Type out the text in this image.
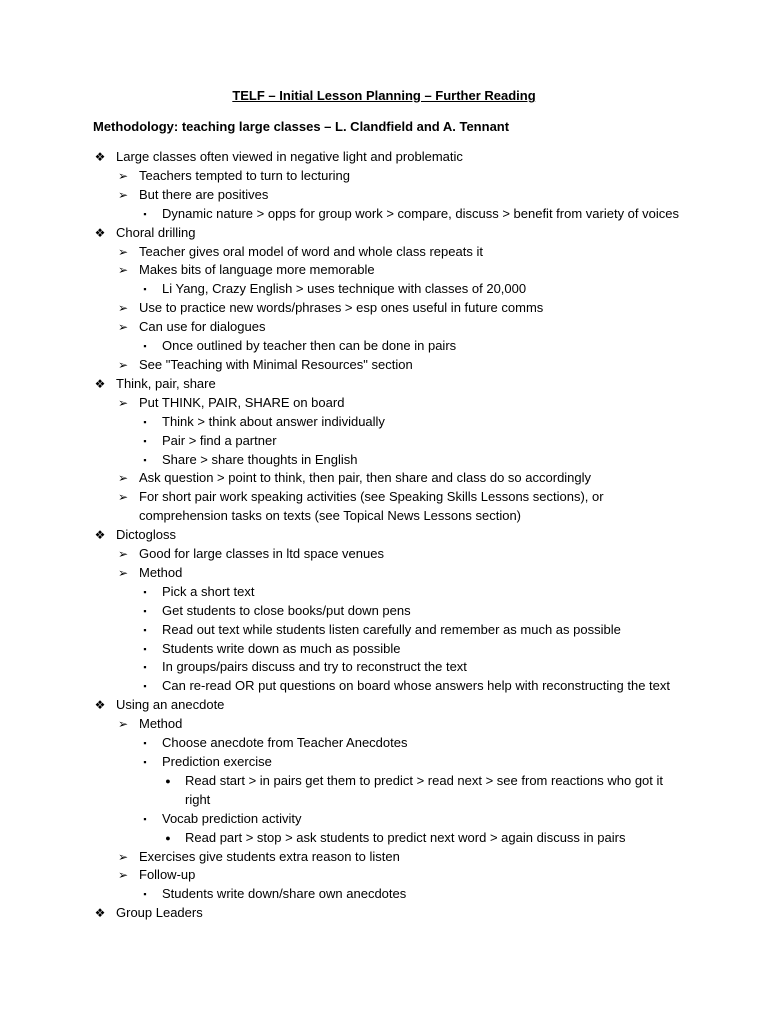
TELF – Initial Lesson Planning – Further Reading
Methodology: teaching large classes – L. Clandfield and A. Tennant
❖ Large classes often viewed in negative light and problematic
➢ Teachers tempted to turn to lecturing
➢ But there are positives
▪	Dynamic nature > opps for group work > compare, discuss > benefit from variety of voices
❖ Choral drilling
➢ Teacher gives oral model of word and whole class repeats it
➢ Makes bits of language more memorable
▪	Li Yang, Crazy English > uses technique with classes of 20,000
➢ Use to practice new words/phrases > esp ones useful in future comms
➢ Can use for dialogues
▪	Once outlined by teacher then can be done in pairs
➢ See "Teaching with Minimal Resources" section
❖ Think, pair, share
➢ Put THINK, PAIR, SHARE on board
▪	Think > think about answer individually
▪	Pair > find a partner
▪	Share > share thoughts in English
➢ Ask question > point to think, then pair, then share and class do so accordingly
➢ For short pair work speaking activities (see Speaking Skills Lessons sections), or comprehension tasks on texts (see Topical News Lessons section)
❖ Dictogloss
➢ Good for large classes in ltd space venues
➢ Method
▪	Pick a short text
▪	Get students to close books/put down pens
▪	Read out text while students listen carefully and remember as much as possible
▪	Students write down as much as possible
▪	In groups/pairs discuss and try to reconstruct the text
▪	Can re-read OR put questions on board whose answers help with reconstructing the text
❖ Using an anecdote
➢ Method
▪	Choose anecdote from Teacher Anecdotes
▪	Prediction exercise
●	Read start > in pairs get them to predict > read next > see from reactions who got it right
▪	Vocab prediction activity
●	Read part > stop > ask students to predict next word > again discuss in pairs
➢ Exercises give students extra reason to listen
➢ Follow-up
▪	Students write down/share own anecdotes
❖ Group Leaders
